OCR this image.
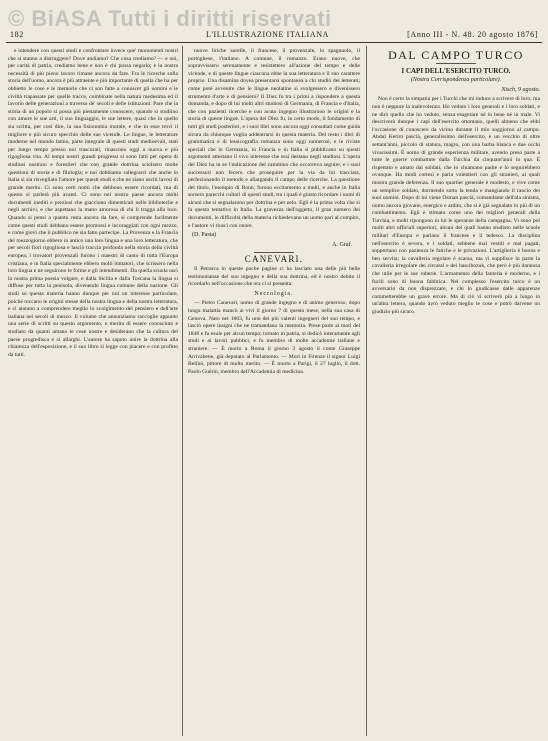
© BiASA Tutti i diritti riservati
182	L'ILLUSTRAZIONE ITALIANA	[Anno III - N. 48. 20 agosto 1876]

e intendere con questi studi e confrontare invece que' monumenti nostri che si stanno a distruggere? Dove andiamo? Che cosa crediamo? — e noi, per carità di patria, crediamo bene e non è chi possa negarlo; e la nostra necessità di più pieno lavoro rimane ancora da fare. Fra le ricerche sulla storia dell'uomo, ancora è più attraente e più importante di quella che ha per obbietto le cose e le memorie che ci son fatte a conoscer gli uomini e le civiltà trapassate per quelle tracce, combinate nella natura medesima ed il lavorio delle generazioni a traverso de' secoli e delle istituzioni. Pare che la storia di un popolo si possa più pienamente conoscere, quando si studiino con amore le sue arti, il suo linguaggio, le sue lettere, quasi che in quello sia scritta, per così dire, la sua fisionomia morale, e che in esse trovi il migliore e più sicuro specchio delle sue vicende. Le lingue, le letterature moderne nel mondo latino, parte integrale di questi studi medioevali, stati per lungo tempo presso noi trascurati, rinascono oggi a nuova e più rigogliosa vita. Ai tempi nostri grandi progressi si sono fatti per opera di studiosi nostrani e forestieri che con grande dottrina sciolsero molte questioni di storia e di filologia; e noi dobbiamo rallegrarci che anche in Italia si sia risvegliato l'amore per questi studi e che ne siano usciti lavori di grande merito. Ci sono certi nomi che debbono essere ricordati, ma di questo si parlerà più avanti. Ci sono nel nostro paese ancora molti documenti inediti e preziosi che giacciono dimenticati nelle biblioteche e negli archivi, e che aspettano la mano amorosa di chi li tragga alla luce. Quando si pensi a quanto resta ancora da fare, si comprende facilmente come questi studi debbano essere promossi e incoraggiati con ogni mezzo, e come giovi che il pubblico ne sia fatto partecipe. La Provenza e la Francia del mezzogiorno ebbero in antico una loro lingua e una loro letteratura, che per secoli fiorì rigogliosa e lasciò traccia profonda nella storia della civiltà europea; i trovatori provenzali furono i maestri di canto di tutta l'Europa cristiana, e in Italia specialmente ebbero molti imitatori, che scrissero nella loro lingua e ne seguirono le forme e gli intendimenti. Da quella scuola uscì la nostra prima poesia volgare, e dalla Sicilia e dalla Toscana la lingua si diffuse per tutta la penisola, divenendo lingua comune della nazione. Gli studi su questa materia hanno dunque per noi un interesse particolare, poiché toccano le origini stesse della nostra lingua e della nostra letteratura, e ci aiutano a comprendere meglio lo svolgimento del pensiero e dell'arte italiana nei secoli di mezzo. Il volume che annunziamo raccoglie appunto una serie di scritti su questo argomento, e merita di essere conosciuto e studiato da quanti amano le cose nostre e desiderano che la cultura del paese progredisca e si allarghi. L'autore ha saputo unire la dottrina alla chiarezza dell'esposizione, e il suo libro si legge con piacere e con profitto da tutti.

nuove liriche sorelle, il francese, il provenzale, lo spagnuolo, il portoghese, l'italiano. A comune, il romanzo. Erano nuove, che sopravvissero serenamente e resistettero all'azione del tempo e delle vicende, e di queste lingue ciascuna ebbe la sua letteratura e il suo carattere proprio. Una disamina dovea presentarsi spontanea a chi studiò dei letterati; come poté avvenire che le lingue neolatine si svolgessero e divenissero strumento d'arte e di pensiero? Il Diez fu tra i primi a rispondere a questa domanda, e dopo di lui molti altri studiosi di Germania, di Francia e d'Italia, che con pazienti ricerche e con acuto ingegno illustrarono le origini e la storia di queste lingue. L'opera del Diez fu, in certo modo, il fondamento di tutti gli studi posteriori, e i suoi libri sono ancora oggi consultati come guida sicura da chiunque voglia addentrarsi in questa materia. Del resto i libri di grammatica e di lessicografia romanza sono oggi numerosi, e le riviste speciali che in Germania, in Francia e in Italia si pubblicano su questi argomenti attestano il vivo interesse che essi destano negli studiosi. L'opera del Diez ha in se l'indicazione del cammino che occorreva seguire, e i suoi successori non fecero che proseguire per la via da lui tracciata, perfezionando il metodo e allargando il campo delle ricerche. La questione del titolo, l'esempio di Bonn, furono eccitamento a molti, e anche in Italia sorsero parecchi cultori di questi studi, tra i quali è giusto ricordare i nomi di alcuni che si segnalarono per dottrina e per zelo. Egli è la prima volta che si fa questo tentativo in Italia. La gravezza dell'oggetto, il gran numero dei documenti, le difficoltà della materia richiedevano un uomo pari al compito, e l'autore vi riuscì con onore.

(D. Pasta)
A. Graf.
CANEVARI.

Il Petrarca in queste poche pagine ci ha lasciato una delle più belle testimonianze del suo ingegno e della sua dottrina, ed è nostro debito il ricordarlo nell'occasione che ora ci si presenta.

Necrologia.

— Pietro Canevari, uomo di grande ingegno e di animo generoso, dopo lunga malattia mancò ai vivi il giorno 7 di questo mese, nella sua casa di Genova. Nato nel 1803, fu uno dei più valenti ingegneri del suo tempo, e lasciò opere insigni che ne tramandano la memoria. Prese parte ai moti del 1848 e fu esule per alcun tempo; tornato in patria, si dedicò interamente agli studi e ai lavori pubblici, e fu membro di molte accademie italiane e straniere. — È morto a Roma il giorno 3 agosto il conte Giuseppe Arrivabene, già deputato al Parlamento. — Mori in Firenze il signor Luigi Bellini, pittore di molto merito. — È morto a Parigi, il 27 luglio, il dott. Paolo Guérin, membro dell'Accademia di medicina.

DAL CAMPO TURCO
I CAPI DELL'ESERCITO TURCO.
(Nostra Corrispondenza particolare).
Nisch, 9 agosto.

Non è certo la simpatia per i Turchi che mi induce a scrivere di loro; ma non è neppure la malevolenza. Ho veduto i loro generali e i loro soldati, e ne dirò quello che ho veduto, senza esagerare né in bene né in male. Vi descriverò dunque i capi dell'esercito ottomano, quelli almeno che ebbi l'occasione di conoscere da vicino durante il mio soggiorno al campo. Abdul Kerim pascià, generalissimo dell'esercito, è un vecchio di oltre settant'anni, piccolo di statura, magro, con una barba bianca e due occhi vivacissimi. È uomo di grande esperienza militare, avendo preso parte a tutte le guerre combattute dalla Turchia da cinquant'anni in qua. È rispettato e amato dai soldati, che lo chiamano padre e lo seguirebbero ovunque. Ha modi cortesi e parla volentieri con gli stranieri, ai quali mostra grande deferenza. Il suo quartier generale è modesto, e vive come un semplice soldato, dormendo sotto la tenda e mangiando il rancio dei suoi uomini. Dopo di lui viene Osman pascià, comandante dell'ala sinistra, uomo ancora giovane, energico e ardito, che si è già segnalato in più di un combattimento. Egli è stimato come uno dei migliori generali della Turchia, e molti ripongono in lui le speranze della campagna. Vi sono poi molti altri ufficiali superiori, alcuni dei quali hanno studiato nelle scuole militari d'Europa e parlano il francese e il tedesco. La disciplina nell'esercito è severa, e i soldati, sebbene mal vestiti e mal pagati, sopportano con pazienza le fatiche e le privazioni. L'artiglieria è buona e ben servita; la cavalleria regolare è scarsa, ma vi supplisce in parte la cavalleria irregolare dei circassi e dei bascibozuk, che però è più dannosa che utile per le sue ruberie. L'armamento della fanteria è moderno, e i fucili sono di buona fabbrica. Nel complesso l'esercito turco è un avversario da non disprezzare, e chi lo giudicasse dalle apparenze commetterebbe un grave errore. Ma di ciò vi scriverò più a lungo in un'altra lettera, quando avrò veduto meglio le cose e potrò darvene un giudizio più sicuro.
